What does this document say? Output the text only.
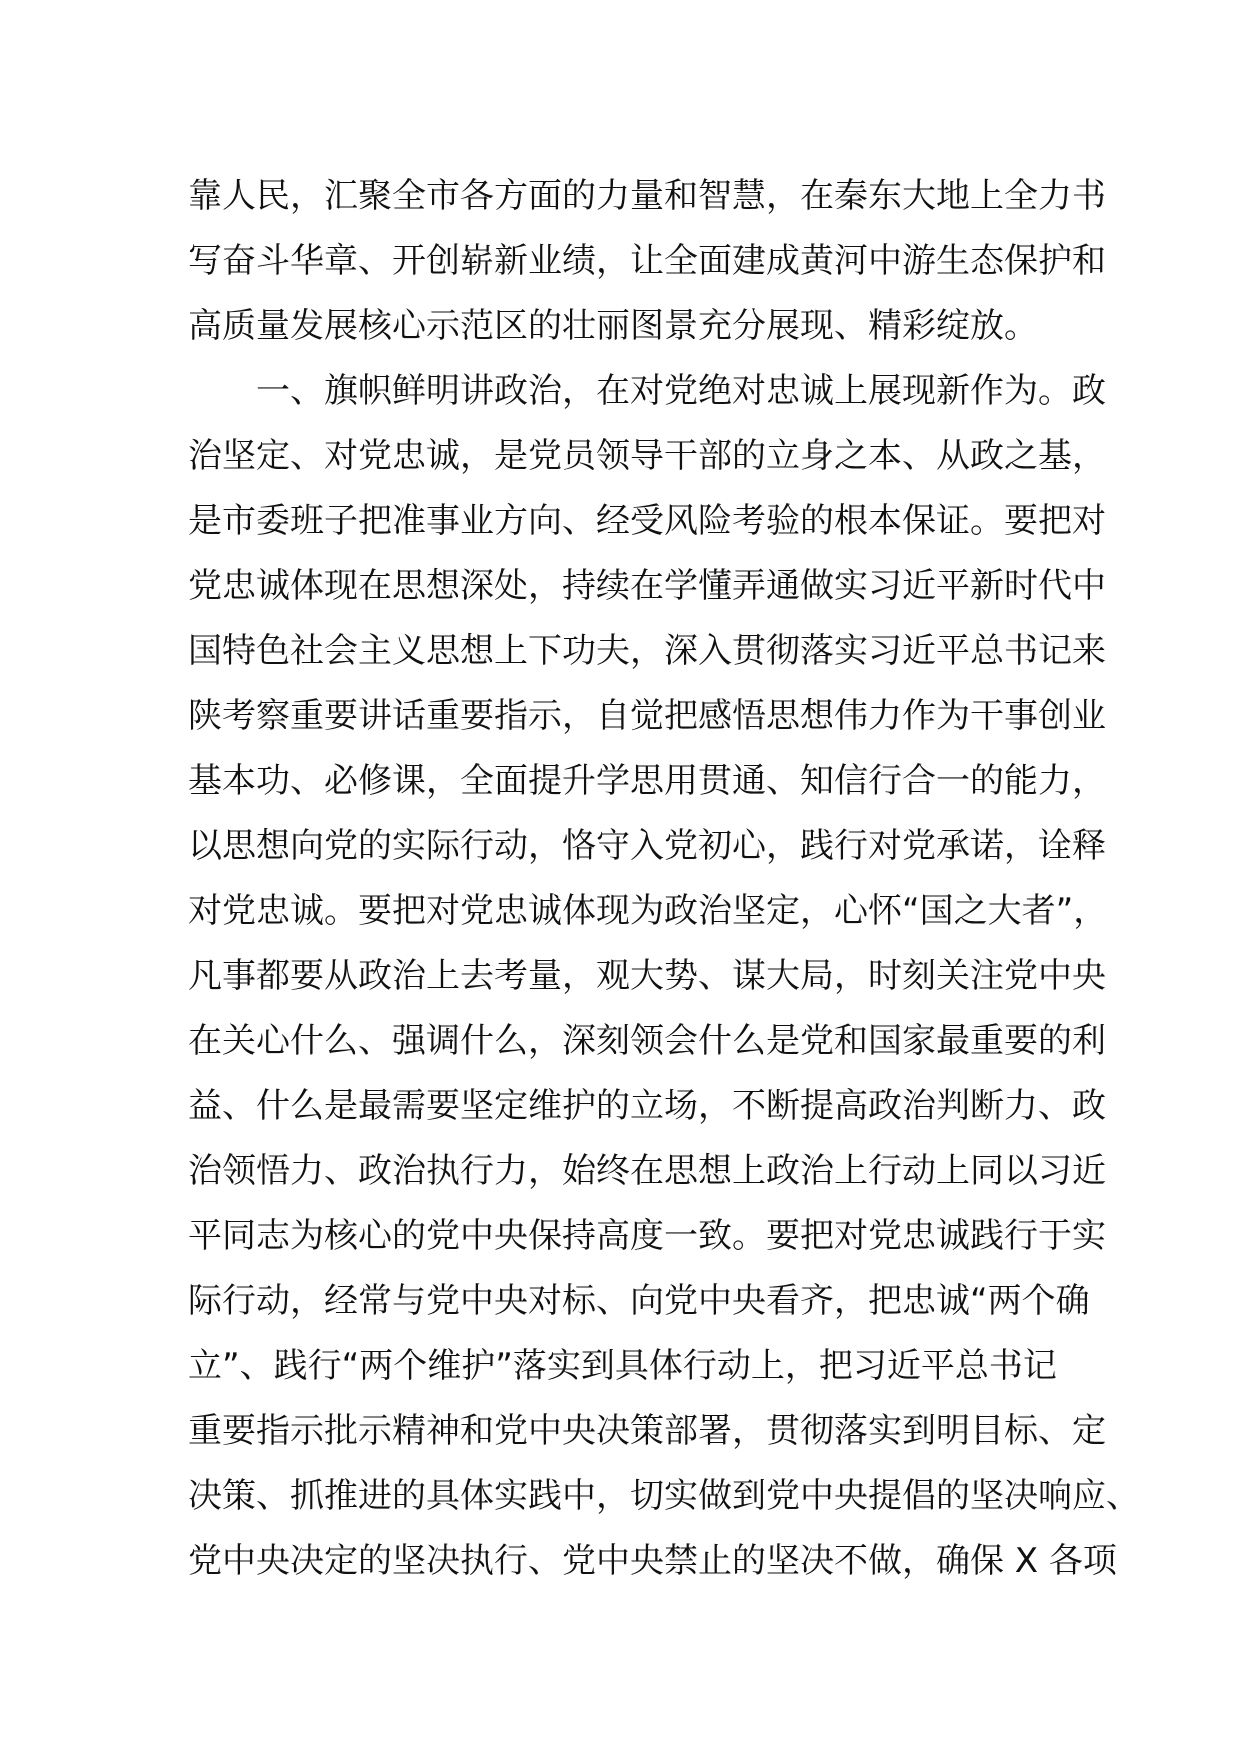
靠人民，汇聚全市各方面的力量和智慧，在秦东大地上全力书
写奋斗华章、开创崭新业绩，让全面建成黄河中游生态保护和
高质量发展核心示范区的壮丽图景充分展现、精彩绽放。
　　一、旗帜鲜明讲政治，在对党绝对忠诚上展现新作为。政
治坚定、对党忠诚，是党员领导干部的立身之本、从政之基，
是市委班子把准事业方向、经受风险考验的根本保证。要把对
党忠诚体现在思想深处，持续在学懂弄通做实习近平新时代中
国特色社会主义思想上下功夫，深入贯彻落实习近平总书记来
陕考察重要讲话重要指示，自觉把感悟思想伟力作为干事创业
基本功、必修课，全面提升学思用贯通、知信行合一的能力，
以思想向党的实际行动，恪守入党初心，践行对党承诺，诠释
对党忠诚。要把对党忠诚体现为政治坚定，心怀“国之大者”，
凡事都要从政治上去考量，观大势、谋大局，时刻关注党中央
在关心什么、强调什么，深刻领会什么是党和国家最重要的利
益、什么是最需要坚定维护的立场，不断提高政治判断力、政
治领悟力、政治执行力，始终在思想上政治上行动上同以习近
平同志为核心的党中央保持高度一致。要把对党忠诚践行于实
际行动，经常与党中央对标、向党中央看齐，把忠诚“两个确
立”、践行“两个维护”落实到具体行动上，把习近平总书记
重要指示批示精神和党中央决策部署，贯彻落实到明目标、定
决策、抓推进的具体实践中，切实做到党中央提倡的坚决响应、
党中央决定的坚决执行、党中央禁止的坚决不做，确保 X 各项
